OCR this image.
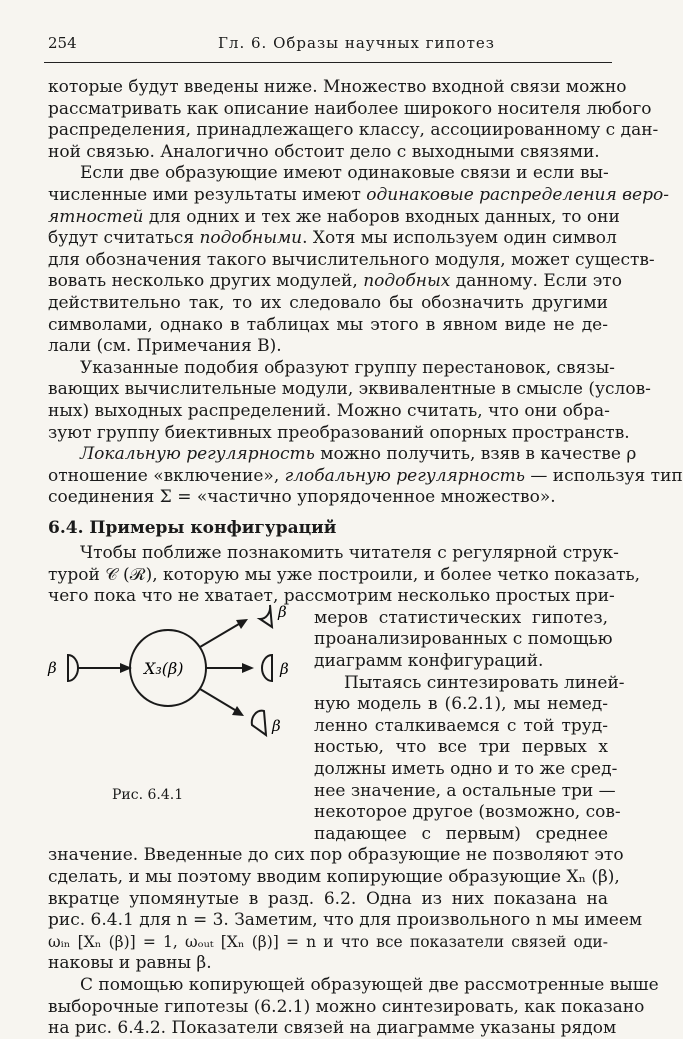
254	Гл. 6. Образы научных гипотез
которые будут введены ниже. Множество входной связи можно
рассматривать как описание наиболее широкого носителя любого
распределения, принадлежащего классу, ассоциированному с дан-
ной связью. Аналогично обстоит дело с выходными связями.
Если две образующие имеют одинаковые связи и если вы-
численные ими результаты имеют одинаковые распределения веро-
ятностей для одних и тех же наборов входных данных, то они
будут считаться подобными. Хотя мы используем один символ
для обозначения такого вычислительного модуля, может существ-
вовать несколько других модулей, подобных данному. Если это
действительно так, то их следовало бы обозначить другими
символами, однако в таблицах мы этого в явном виде не де-
лали (см. Примечания В).
Указанные подобия образуют группу перестановок, связы-
вающих вычислительные модули, эквивалентные в смысле (услов-
ных) выходных распределений. Можно считать, что они обра-
зуют группу биективных преобразований опорных пространств.
Локальную регулярность можно получить, взяв в качестве ρ
отношение «включение», глобальную регулярность — используя тип
соединения Σ = «частично упорядоченное множество».
6.4. Примеры конфигураций
Чтобы поближе познакомить читателя с регулярной струк-
турой 𝒞 (ℛ), которую мы уже построили, и более четко показать,
чего пока что не хватает, рассмотрим несколько простых при-
меров статистических гипотез,
проанализированных с помощью
диаграмм конфигураций.
Пытаясь синтезировать линей-
ную модель в (6.2.1), мы немед-
ленно сталкиваемся с той труд-
ностью, что все три первых x
должны иметь одно и то же сред-
нее значение, а остальные три —
некоторое другое (возможно, сов-
падающее с первым) среднее
β	X₃(β)
β
β
β
Рис. 6.4.1
значение. Введенные до сих пор образующие не позволяют это
сделать, и мы поэтому вводим копирующие образующие Xₙ (β),
вкратце упомянутые в разд. 6.2. Одна из них показана на
рис. 6.4.1 для n = 3. Заметим, что для произвольного n мы имеем
ωᵢₙ [Xₙ (β)] = 1, ωₒᵤₜ [Xₙ (β)] = n и что все показатели связей оди-
наковы и равны β.
С помощью копирующей образующей две рассмотренные выше
выборочные гипотезы (6.2.1) можно синтезировать, как показано
на рис. 6.4.2. Показатели связей на диаграмме указаны рядом
